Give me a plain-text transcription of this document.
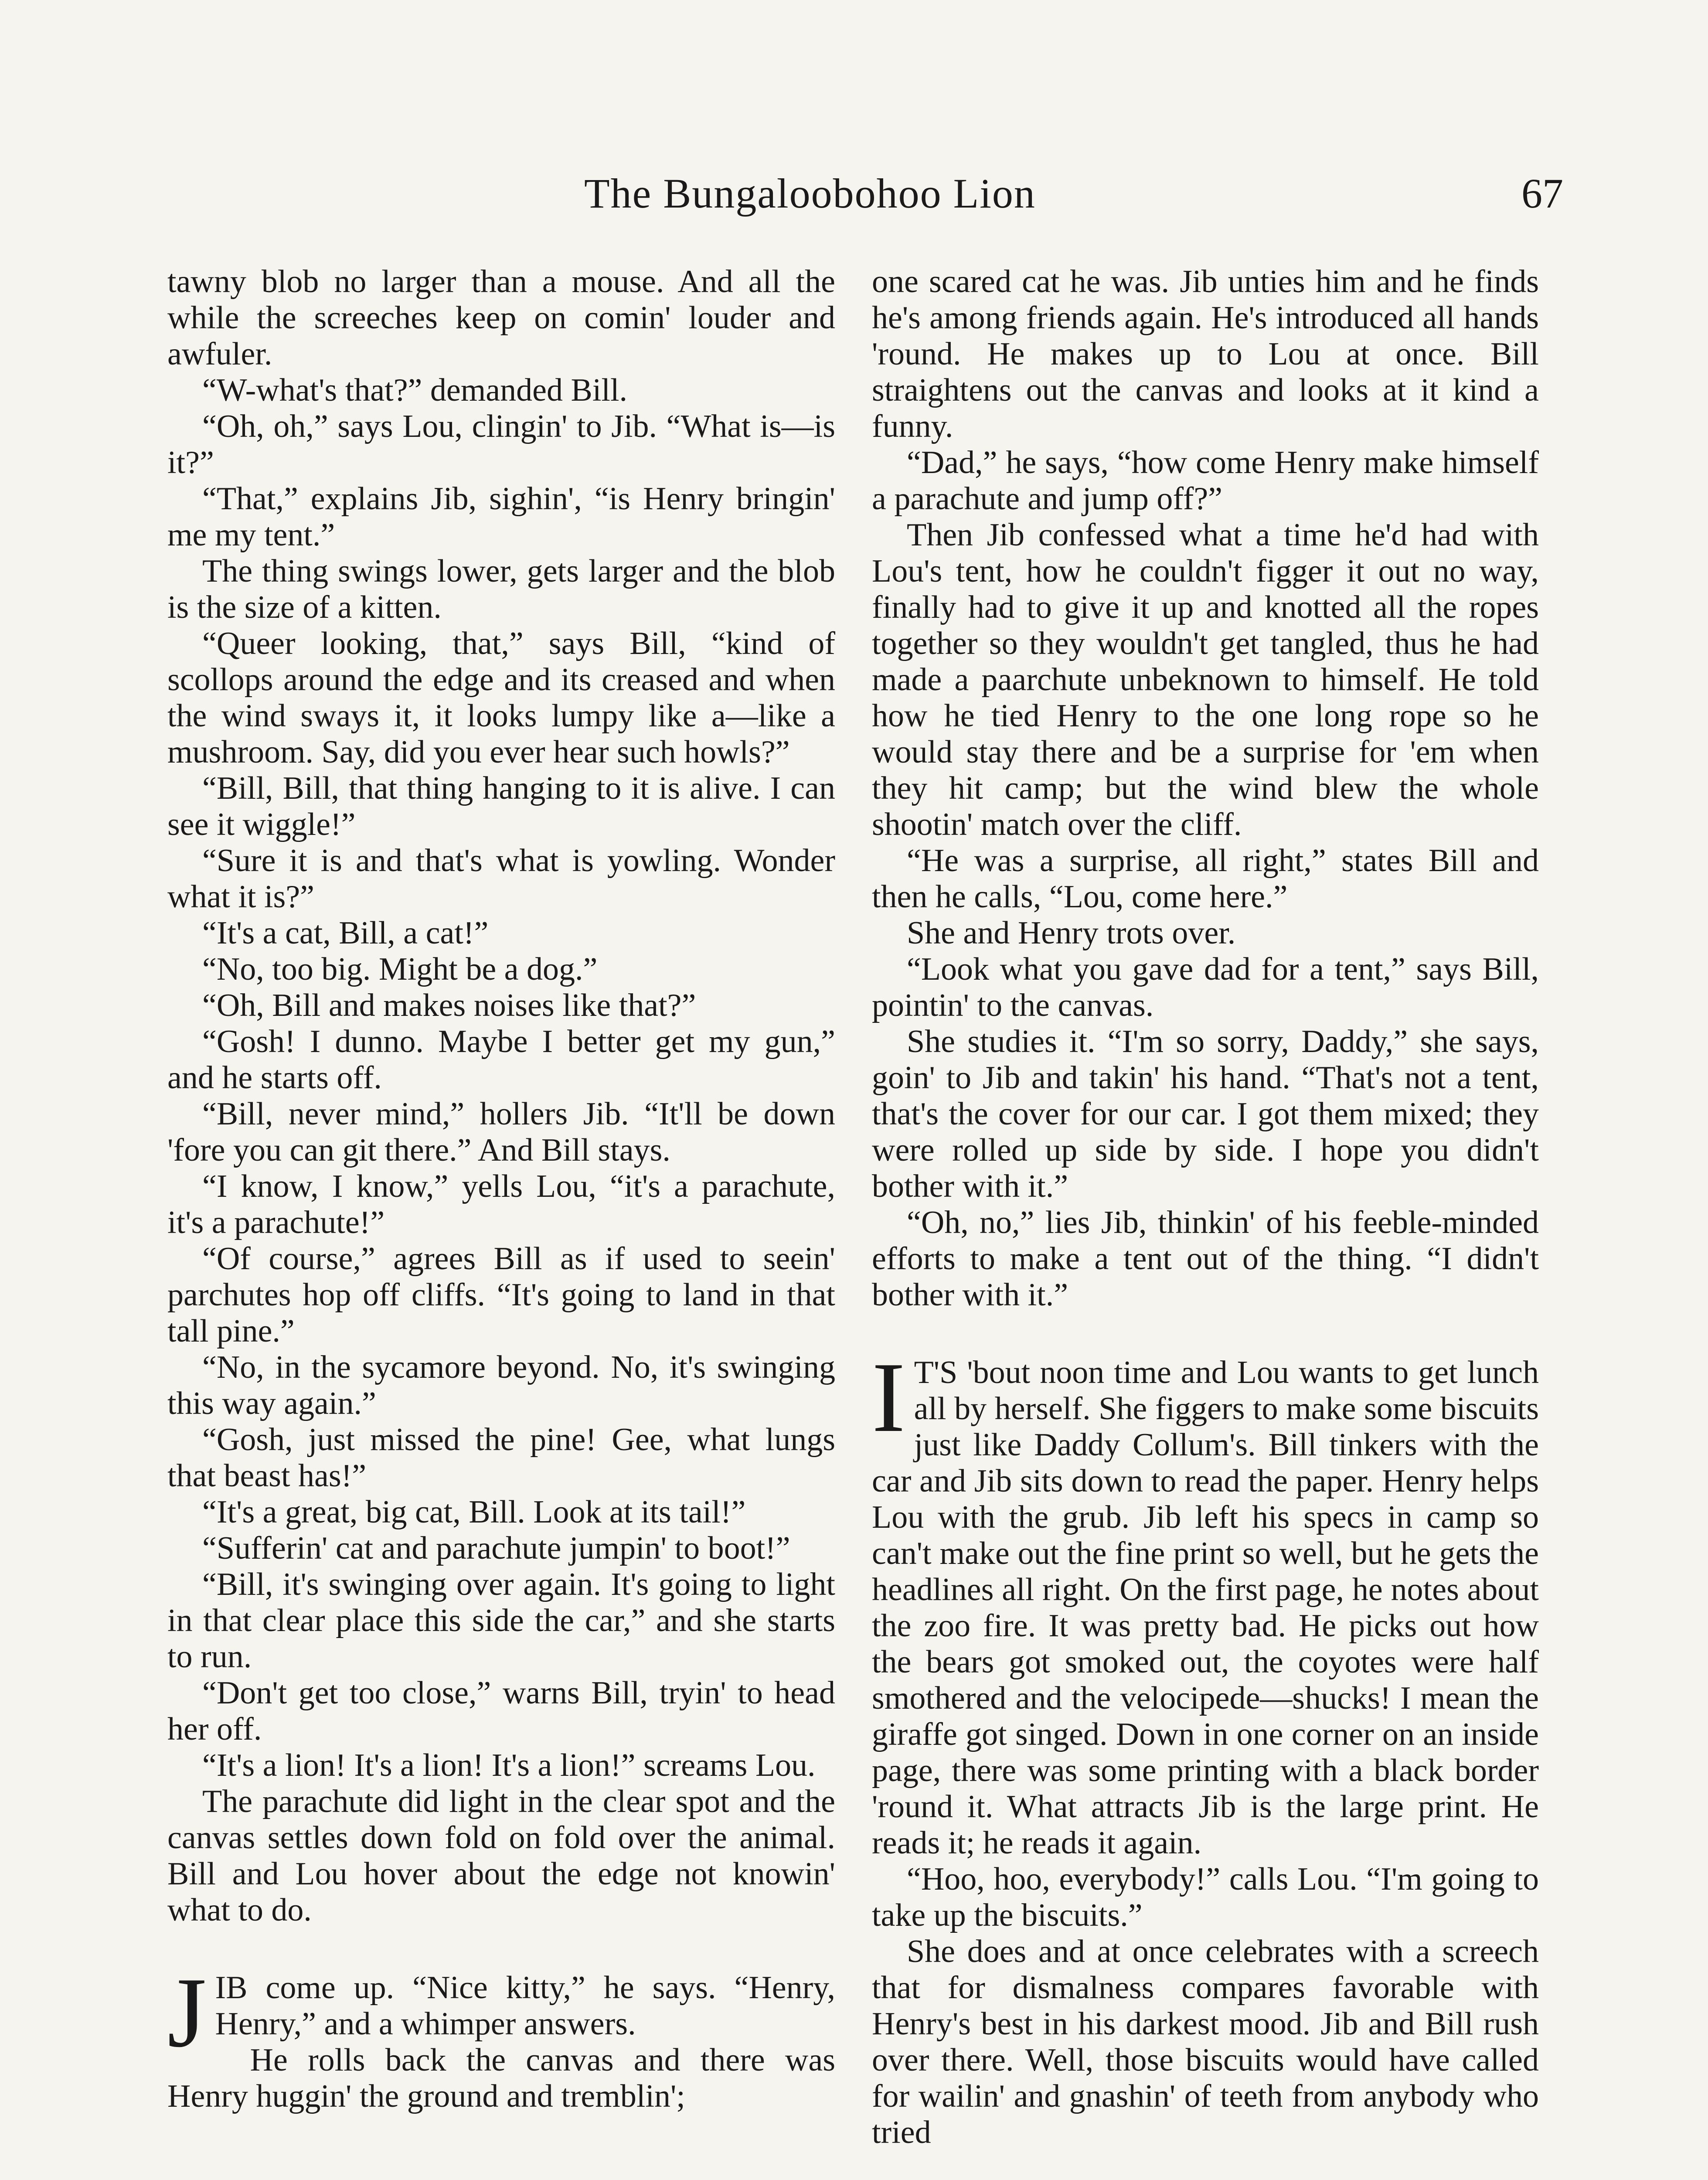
The Bungaloobohoo Lion	67

tawny blob no larger than a mouse. And all the while the screeches keep on comin' louder and awfuler.

“W-what's that?” demanded Bill.

“Oh, oh,” says Lou, clingin' to Jib. “What is—is it?”

“That,” explains Jib, sighin', “is Henry bringin' me my tent.”

The thing swings lower, gets larger and the blob is the size of a kitten.

“Queer looking, that,” says Bill, “kind of scollops around the edge and its creased and when the wind sways it, it looks lumpy like a—like a mushroom. Say, did you ever hear such howls?”

“Bill, Bill, that thing hanging to it is alive. I can see it wiggle!”

“Sure it is and that's what is yowling. Wonder what it is?”

“It's a cat, Bill, a cat!”

“No, too big. Might be a dog.”

“Oh, Bill and makes noises like that?”

“Gosh! I dunno. Maybe I better get my gun,” and he starts off.

“Bill, never mind,” hollers Jib. “It'll be down 'fore you can git there.” And Bill stays.

“I know, I know,” yells Lou, “it's a parachute, it's a parachute!”

“Of course,” agrees Bill as if used to seein' parchutes hop off cliffs. “It's going to land in that tall pine.”

“No, in the sycamore beyond. No, it's swinging this way again.”

“Gosh, just missed the pine! Gee, what lungs that beast has!”

“It's a great, big cat, Bill. Look at its tail!”

“Sufferin' cat and parachute jumpin' to boot!”

“Bill, it's swinging over again. It's going to light in that clear place this side the car,” and she starts to run.

“Don't get too close,” warns Bill, tryin' to head her off.

“It's a lion! It's a lion! It's a lion!” screams Lou.

The parachute did light in the clear spot and the canvas settles down fold on fold over the animal. Bill and Lou hover about the edge not knowin' what to do.

JIB come up. “Nice kitty,” he says. “Henry, Henry,” and a whimper answers.

He rolls back the canvas and there was Henry huggin' the ground and tremblin';

one scared cat he was. Jib unties him and he finds he's among friends again. He's introduced all hands 'round. He makes up to Lou at once. Bill straightens out the canvas and looks at it kind a funny.

“Dad,” he says, “how come Henry make himself a parachute and jump off?”

Then Jib confessed what a time he'd had with Lou's tent, how he couldn't figger it out no way, finally had to give it up and knotted all the ropes together so they wouldn't get tangled, thus he had made a paarchute unbeknown to himself. He told how he tied Henry to the one long rope so he would stay there and be a surprise for 'em when they hit camp; but the wind blew the whole shootin' match over the cliff.

“He was a surprise, all right,” states Bill and then he calls, “Lou, come here.”

She and Henry trots over.

“Look what you gave dad for a tent,” says Bill, pointin' to the canvas.

She studies it. “I'm so sorry, Daddy,” she says, goin' to Jib and takin' his hand. “That's not a tent, that's the cover for our car. I got them mixed; they were rolled up side by side. I hope you didn't bother with it.”

“Oh, no,” lies Jib, thinkin' of his feeble-minded efforts to make a tent out of the thing. “I didn't bother with it.”

I T'S 'bout noon time and Lou wants to get lunch all by herself. She figgers to make some biscuits just like Daddy Collum's. Bill tinkers with the car and Jib sits down to read the paper. Henry helps Lou with the grub. Jib left his specs in camp so can't make out the fine print so well, but he gets the headlines all right. On the first page, he notes about the zoo fire. It was pretty bad. He picks out how the bears got smoked out, the coyotes were half smothered and the velocipede—shucks! I mean the giraffe got singed. Down in one corner on an inside page, there was some printing with a black border 'round it. What attracts Jib is the large print. He reads it; he reads it again.

“Hoo, hoo, everybody!” calls Lou. “I'm going to take up the biscuits.”

She does and at once celebrates with a screech that for dismalness compares favorable with Henry's best in his darkest mood. Jib and Bill rush over there. Well, those biscuits would have called for wailin' and gnashin' of teeth from anybody who tried
